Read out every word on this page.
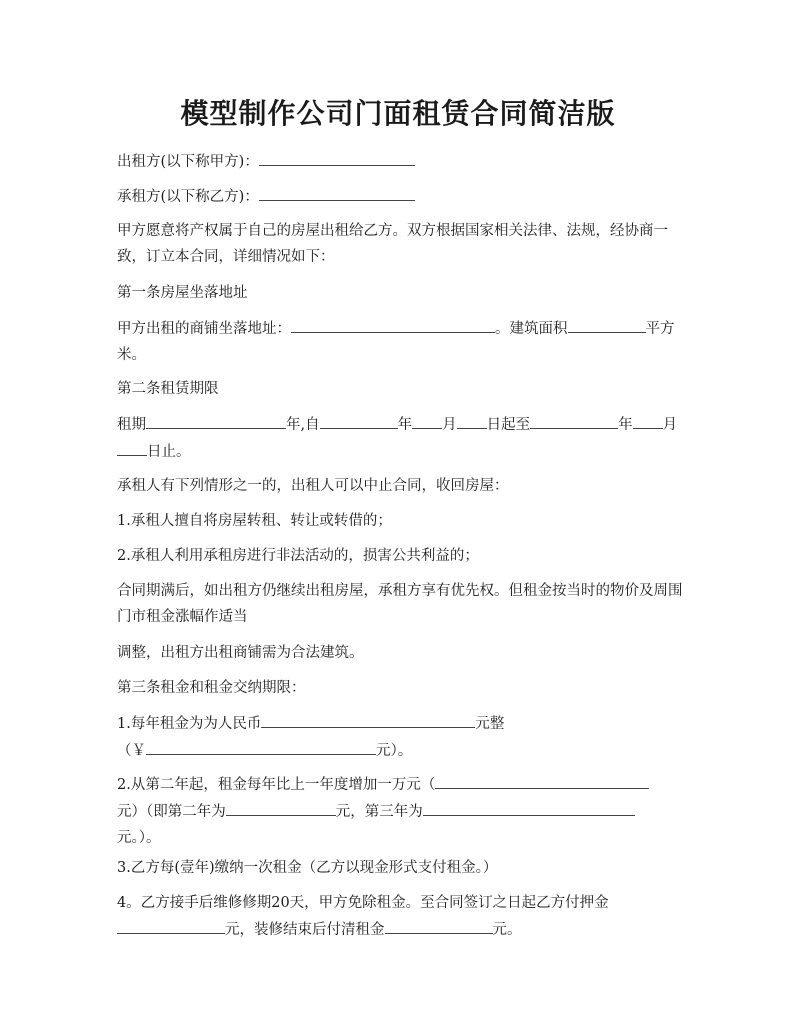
模型制作公司门面租赁合同简洁版

出租方(以下称甲方)：

承租方(以下称乙方)：

甲方愿意将产权属于自己的房屋出租给乙方。双方根据国家相关法律、法规，经协商一致，订立本合同，详细情况如下：

第一条房屋坐落地址

甲方出租的商铺坐落地址：	。建筑面积	平方米。

第二条租赁期限

租期	年,自	年 月 日起至	年 月日止。

承租人有下列情形之一的，出租人可以中止合同，收回房屋：

1.承租人擅自将房屋转租、转让或转借的；

2.承租人利用承租房进行非法活动的，损害公共利益的；

合同期满后，如出租方仍继续出租房屋，承租方享有优先权。但租金按当时的物价及周围门市租金涨幅作适当

调整，出租方出租商铺需为合法建筑。

第三条租金和租金交纳期限：

1.每年租金为为人民币	元整
（￥	元）。

2.从第二年起，租金每年比上一年度增加一万元（
元）（即第二年为	元，第三年为
元。）。

3.乙方每(壹年)缴纳一次租金（乙方以现金形式支付租金。）

4。乙方接手后维修修期20天，甲方免除租金。至合同签订之日起乙方付押金
元，装修结束后付清租金	元。
